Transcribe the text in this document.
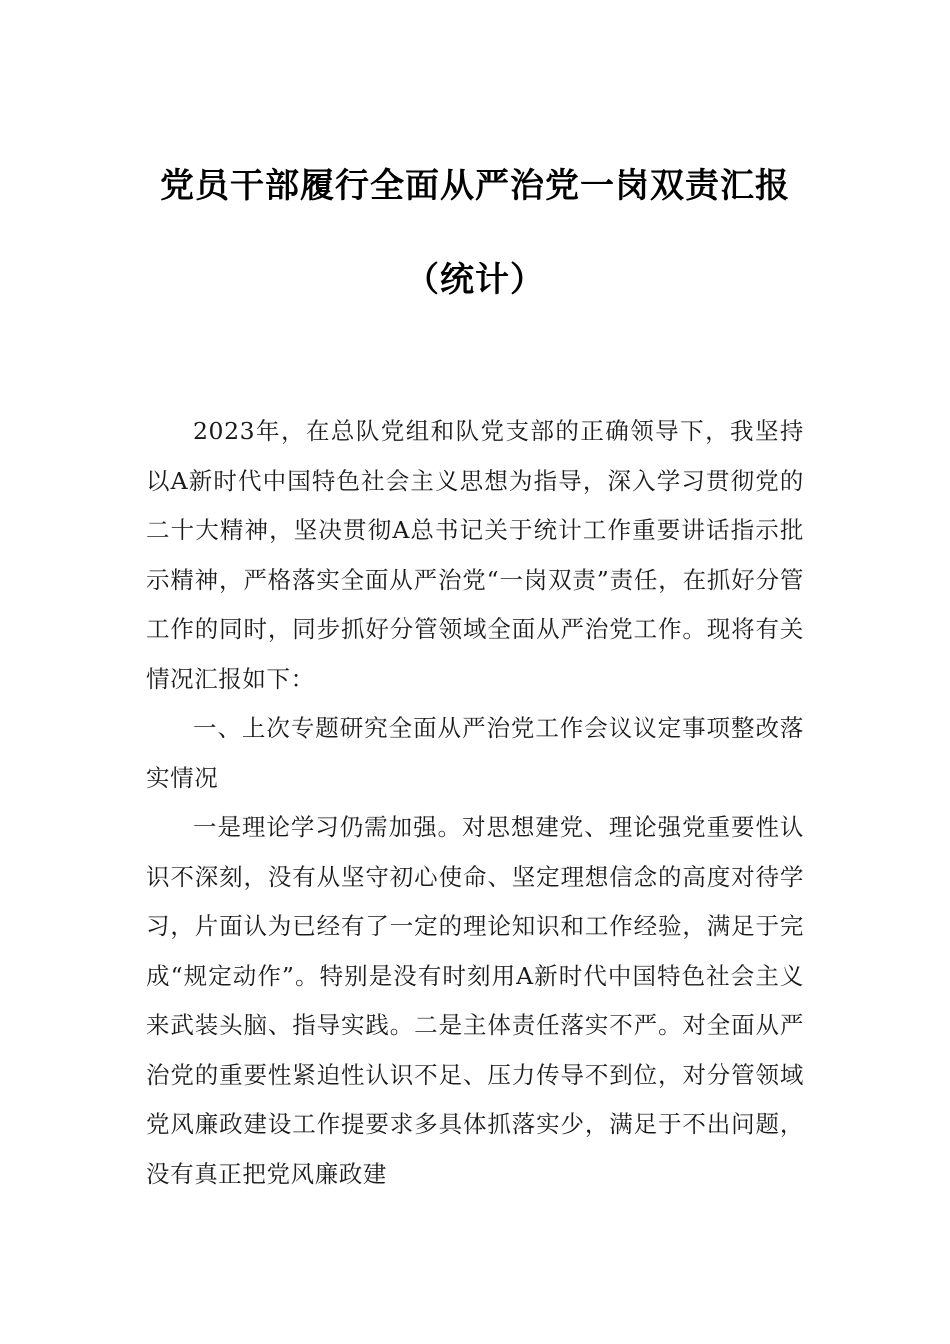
党员干部履行全面从严治党一岗双责汇报
（统计）

2023年，在总队党组和队党支部的正确领导下，我坚持以A新时代中国特色社会主义思想为指导，深入学习贯彻党的二十大精神，坚决贯彻A总书记关于统计工作重要讲话指示批示精神，严格落实全面从严治党“一岗双责”责任，在抓好分管工作的同时，同步抓好分管领域全面从严治党工作。现将有关情况汇报如下：

一、上次专题研究全面从严治党工作会议议定事项整改落实情况

一是理论学习仍需加强。对思想建党、理论强党重要性认识不深刻，没有从坚守初心使命、坚定理想信念的高度对待学习，片面认为已经有了一定的理论知识和工作经验，满足于完成“规定动作”。特别是没有时刻用A新时代中国特色社会主义来武装头脑、指导实践。二是主体责任落实不严。对全面从严治党的重要性紧迫性认识不足、压力传导不到位，对分管领域党风廉政建设工作提要求多具体抓落实少，满足于不出问题，没有真正把党风廉政建
